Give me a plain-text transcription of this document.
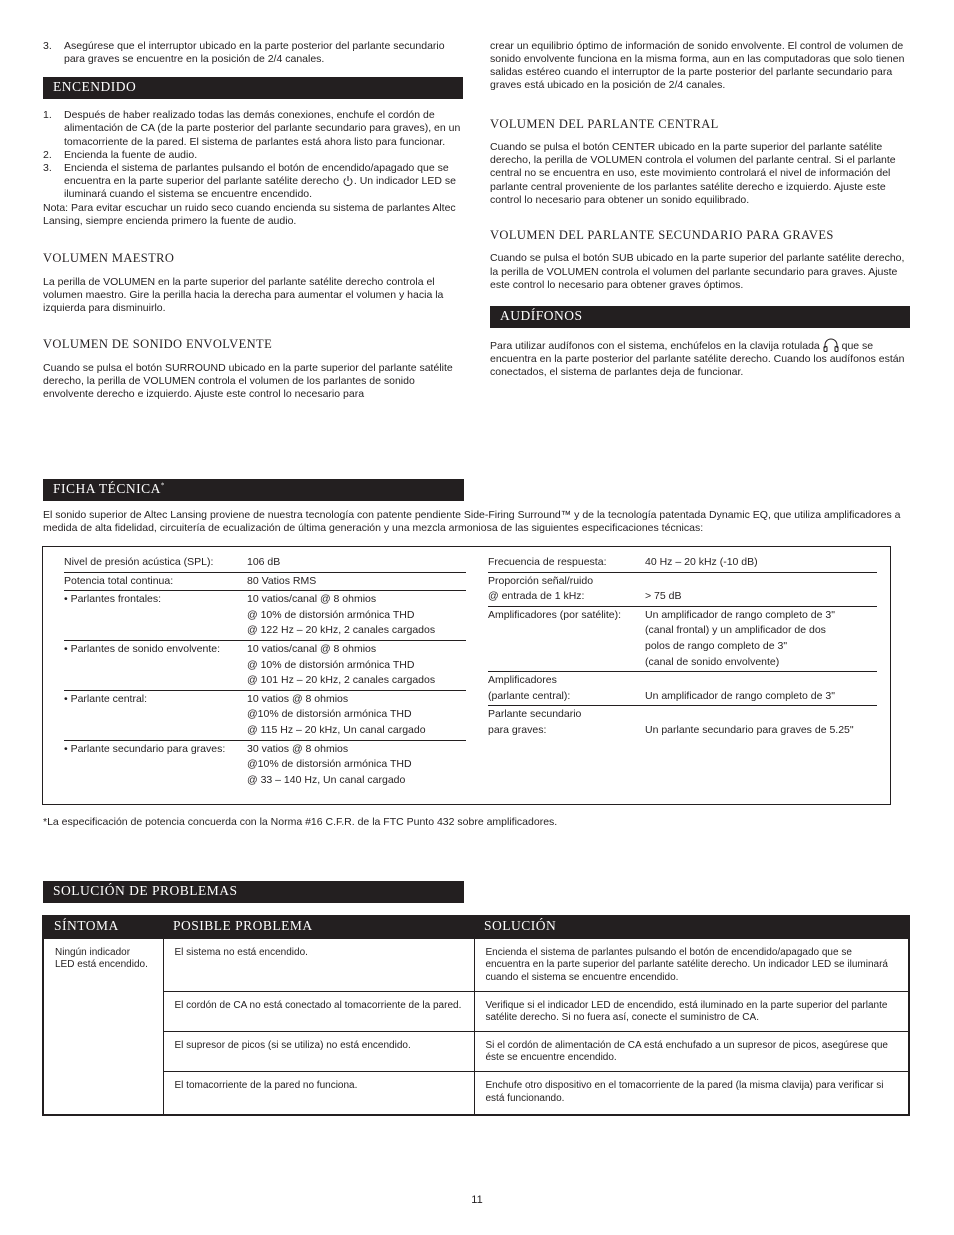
3.	Asegúrese que el interruptor ubicado en la parte posterior del parlante secundario para graves se encuentre en la posición de 2/4 canales.
ENCENDIDO
1.	Después de haber realizado todas las demás conexiones, enchufe el cordón de alimentación de CA (de la parte posterior del parlante secundario para graves), en un tomacorriente de la pared. El sistema de parlantes está ahora listo para funcionar.
2.	Encienda la fuente de audio.
3.	Encienda el sistema de parlantes pulsando el botón de encendido/apagado que se encuentra en la parte superior del parlante satélite derecho . Un indicador LED se iluminará cuando el sistema se encuentre encendido.

Nota: Para evitar escuchar un ruido seco cuando encienda su sistema de parlantes Altec Lansing, siempre encienda primero la fuente de audio.

VOLUMEN MAESTRO

La perilla de VOLUMEN en la parte superior del parlante satélite derecho controla el volumen maestro. Gire la perilla hacia la derecha para aumentar el volumen y hacia la izquierda para disminuirlo.

VOLUMEN DE SONIDO ENVOLVENTE

Cuando se pulsa el botón SURROUND ubicado en la parte superior del parlante satélite derecho, la perilla de VOLUMEN controla el volumen de los parlantes de sonido envolvente derecho e izquierdo. Ajuste este control lo necesario para

crear un equilibrio óptimo de información de sonido envolvente. El control de volumen de sonido envolvente funciona en la misma forma, aun en las computadoras que solo tienen salidas estéreo cuando el interruptor de la parte posterior del parlante secundario para graves está ubicado en la posición de 2/4 canales.

VOLUMEN DEL PARLANTE CENTRAL

Cuando se pulsa el botón CENTER ubicado en la parte superior del parlante satélite derecho, la perilla de VOLUMEN controla el volumen del parlante central. Si el parlante central no se encuentra en uso, este movimiento controlará el nivel de información del parlante central proveniente de los parlantes satélite derecho e izquierdo. Ajuste este control lo necesario para obtener un sonido equilibrado.

VOLUMEN DEL PARLANTE SECUNDARIO PARA GRAVES

Cuando se pulsa el botón SUB ubicado en la parte superior del parlante satélite derecho, la perilla de VOLUMEN controla el volumen del parlante secundario para graves. Ajuste este control lo necesario para obtener graves óptimos.

AUDÍFONOS

Para utilizar audífonos con el sistema, enchúfelos en la clavija rotulada  que se encuentra en la parte posterior del parlante satélite derecho. Cuando los audífonos están conectados, el sistema de parlantes deja de funcionar.

FICHA TÉCNICA*

El sonido superior de Altec Lansing proviene de nuestra tecnología con patente pendiente Side-Firing Surround™ y de la tecnología patentada Dynamic EQ, que utiliza amplificadores a medida de alta fidelidad, circuitería de ecualización de última generación y una mezcla armoniosa de las siguientes especificaciones técnicas:

Nivel de presión acústica (SPL):	106 dB
Potencia total continua:	80 Vatios RMS
• Parlantes frontales:	10 vatios/canal @ 8 ohmios
@ 10% de distorsión armónica THD
@ 122 Hz – 20 kHz, 2 canales cargados

• Parlantes de sonido envolvente:	10 vatios/canal @ 8 ohmios
@ 10% de distorsión armónica THD
@ 101 Hz – 20 kHz, 2 canales cargados

• Parlante central:	10 vatios @ 8 ohmios
@10% de distorsión armónica THD
@ 115 Hz – 20 kHz, Un canal cargado

• Parlante secundario para graves:	30 vatios @ 8 ohmios
@10% de distorsión armónica THD
@ 33 – 140 Hz, Un canal cargado
Frecuencia de respuesta:	40 Hz – 20 kHz (-10 dB)

Proporción señal/ruido
@ entrada de 1 kHz:	> 75 dB

Amplificadores (por satélite):	Un amplificador de rango completo de 3"
(canal frontal) y un amplificador de dos
polos de rango completo de 3"
(canal de sonido envolvente)

Amplificadores
(parlante central):	Un amplificador de rango completo de 3"

Parlante secundario
para graves:	Un parlante secundario para graves de 5.25"

*La especificación de potencia concuerda con la Norma #16 C.F.R. de la FTC Punto 432 sobre amplificadores.

SOLUCIÓN DE PROBLEMAS
SÍNTOMA	POSIBLE PROBLEMA	SOLUCIÓN
Ningún indicador LED está encendido.	El sistema no está encendido.	Encienda el sistema de parlantes pulsando el botón de encendido/apagado que se encuentra en la parte superior del parlante satélite derecho. Un indicador LED se iluminará cuando el sistema se encuentre encendido.
	El cordón de CA no está conectado al tomacorriente de la pared.	Verifique si el indicador LED de encendido, está iluminado en la parte superior del parlante satélite derecho. Si no fuera así, conecte el suministro de CA.
	El supresor de picos (si se utiliza) no está encendido.	Si el cordón de alimentación de CA está enchufado a un supresor de picos, asegúrese que éste se encuentre encendido.
	El tomacorriente de la pared no funciona.	Enchufe otro dispositivo en el tomacorriente de la pared (la misma clavija) para verificar si está funcionando.
11
